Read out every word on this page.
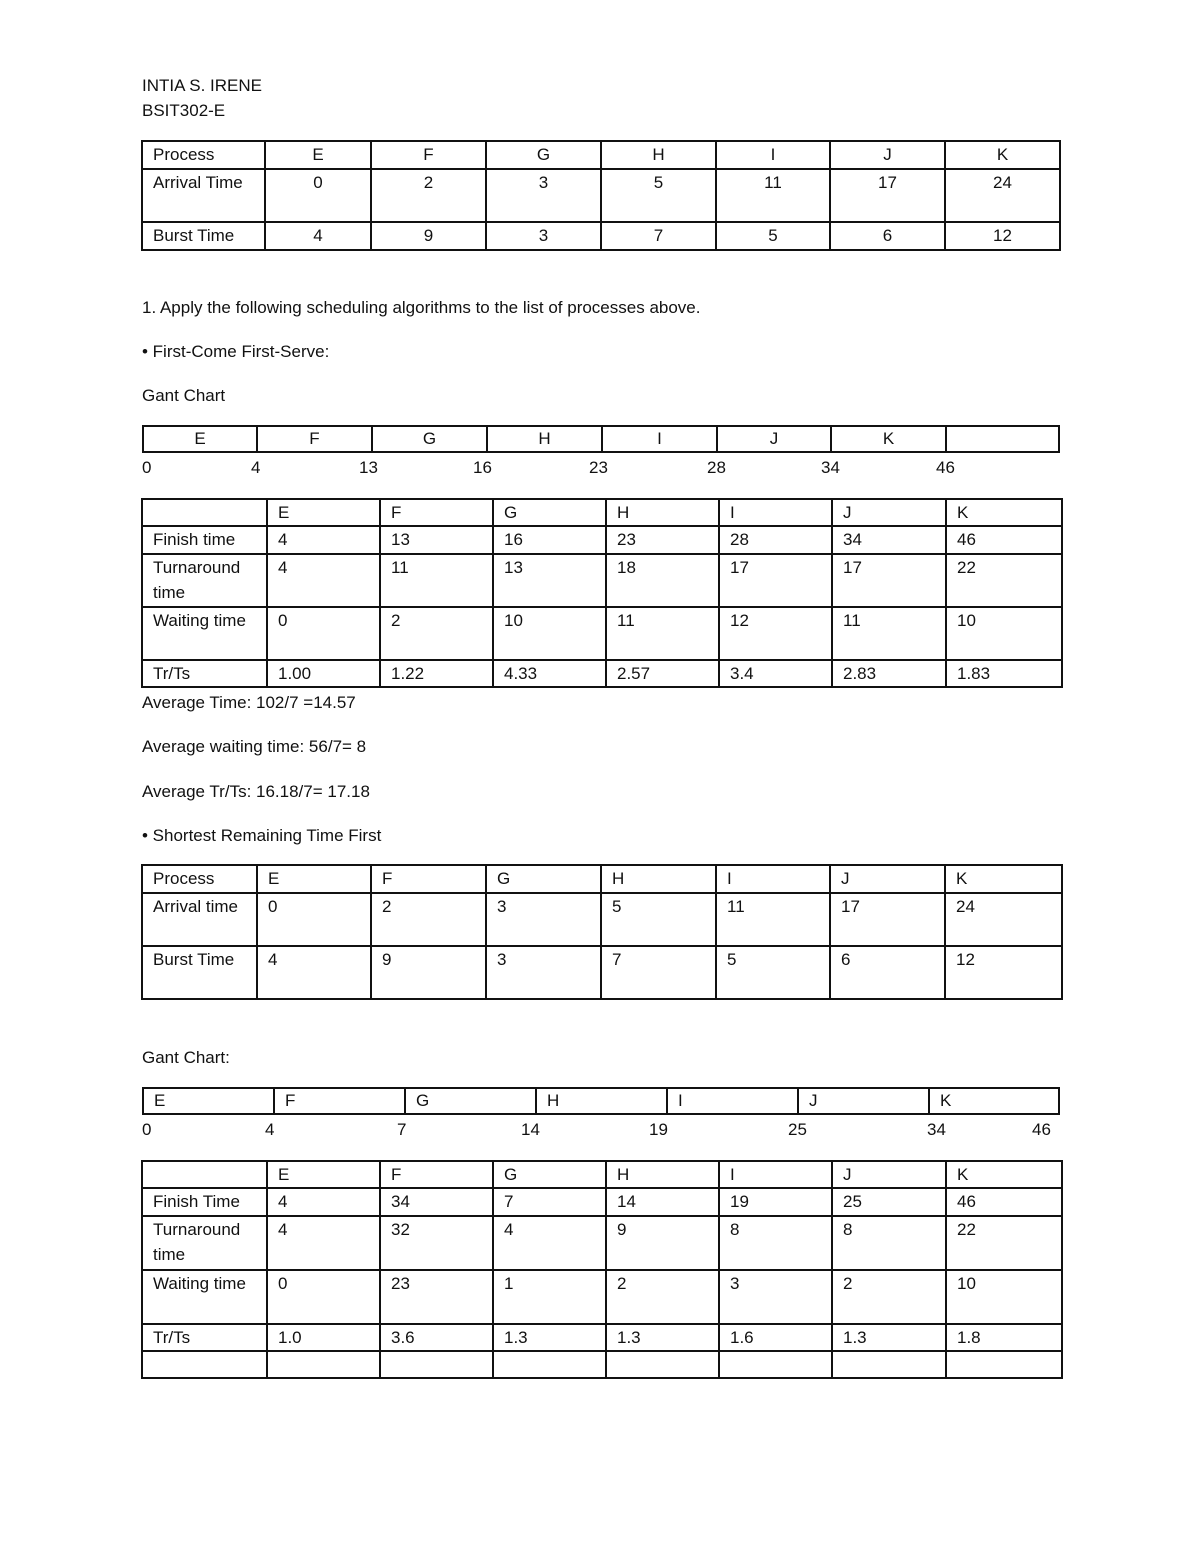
INTIA S. IRENE
BSIT302-E
Process	E	F	G	H	I	J	K
Arrival Time	0	2	3	5	11	17	24
Burst Time	4	9	3	7	5	6	12
1. Apply the following scheduling algorithms to the list of processes above.
• First-Come First-Serve:
Gant Chart
E	F	G	H	I	J	K
0	4	13	16	23	28	34	46
	E	F	G	H	I	J	K
Finish time	4	13	16	23	28	34	46
Turnaround time	4	11	13	18	17	17	22
Waiting time	0	2	10	11	12	11	10
Tr/Ts	1.00	1.22	4.33	2.57	3.4	2.83	1.83
Average Time: 102/7 =14.57
Average waiting time: 56/7= 8
Average Tr/Ts: 16.18/7= 17.18
• Shortest Remaining Time First
Process	E	F	G	H	I	J	K
Arrival time	0	2	3	5	11	17	24
Burst Time	4	9	3	7	5	6	12
Gant Chart:
E	F	G	H	I	J	K
0	4	7	14	19	25	34	46
	E	F	G	H	I	J	K
Finish Time	4	34	7	14	19	25	46
Turnaround time	4	32	4	9	8	8	22
Waiting time	0	23	1	2	3	2	10
Tr/Ts	1.0	3.6	1.3	1.3	1.6	1.3	1.8
